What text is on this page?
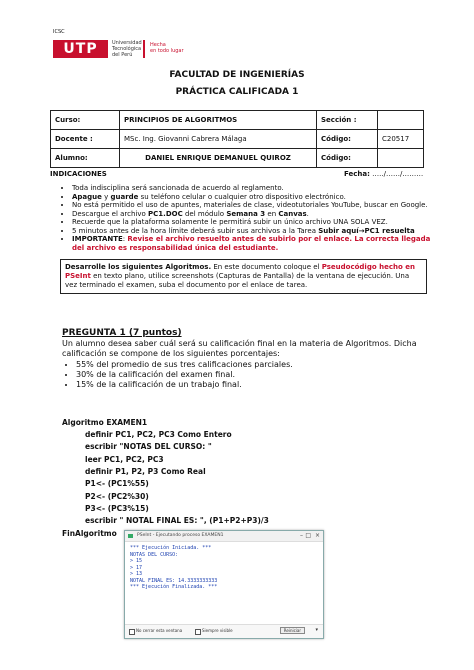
ICSC
UTP	Universidad
Tecnológica
del Perú
Hecha
en todo lugar
FACULTAD DE INGENIERÍAS
PRÁCTICA CALIFICADA 1
Curso:	PRINCIPIOS DE ALGORITMOS	Sección :	
Docente :	MSc. Ing. Giovanni Cabrera Málaga	Código:	C20517
Alumno:	DANIEL ENRIQUE DEMANUEL QUIROZ	Código:	
INDICACIONES	Fecha: …../……/………
• Toda indisciplina será sancionada de acuerdo al reglamento.
• Apague y guarde su teléfono celular o cualquier otro dispositivo electrónico.
• No está permitido el uso de apuntes, materiales de clase, videotutoriales YouTube, buscar en Google.
• Descargue el archivo PC1.DOC del módulo Semana 3 en Canvas.
• Recuerde que la plataforma solamente le permitirá subir un único archivo UNA SOLA VEZ.
• 5 minutos antes de la hora límite deberá subir sus archivos a la Tarea Subir aquí→PC1 resuelta
• IMPORTANTE: Revise el archivo resuelto antes de subirlo por el enlace. La correcta llegada del archivo es responsabilidad única del estudiante.
Desarrolle los siguientes Algoritmos. En este documento coloque el Pseudocódigo hecho en PSeInt en texto plano, utilice screenshots (Capturas de Pantalla) de la ventana de ejecución. Una vez terminado el examen, suba el documento por el enlace de tarea.
PREGUNTA 1 (7 puntos)
Un alumno desea saber cuál será su calificación final en la materia de Algoritmos. Dicha calificación se compone de los siguientes porcentajes:
• 55% del promedio de sus tres calificaciones parciales.
• 30% de la calificación del examen final.
• 15% de la calificación de un trabajo final.
Algoritmo EXAMEN1
definir PC1, PC2, PC3 Como Entero
escribir "NOTAS DEL CURSO: "
leer PC1, PC2, PC3
definir P1, P2, P3 Como Real
P1<- (PC1%55)
P2<- (PC2%30)
P3<- (PC3%15)
escribir " NOTAL FINAL ES: ", (P1+P2+P3)/3
FinAlgoritmo	PSeInt - Ejecutando proceso EXAMEN1	– □ ×
*** Ejecución Iniciada. ***
NOTAS DEL CURSO:
> 15
> 17
> 13
NOTAL FINAL ES: 14.3333333333
*** Ejecución Finalizada. ***
No cerrar esta ventana	Siempre visible	Reiniciar	▾
